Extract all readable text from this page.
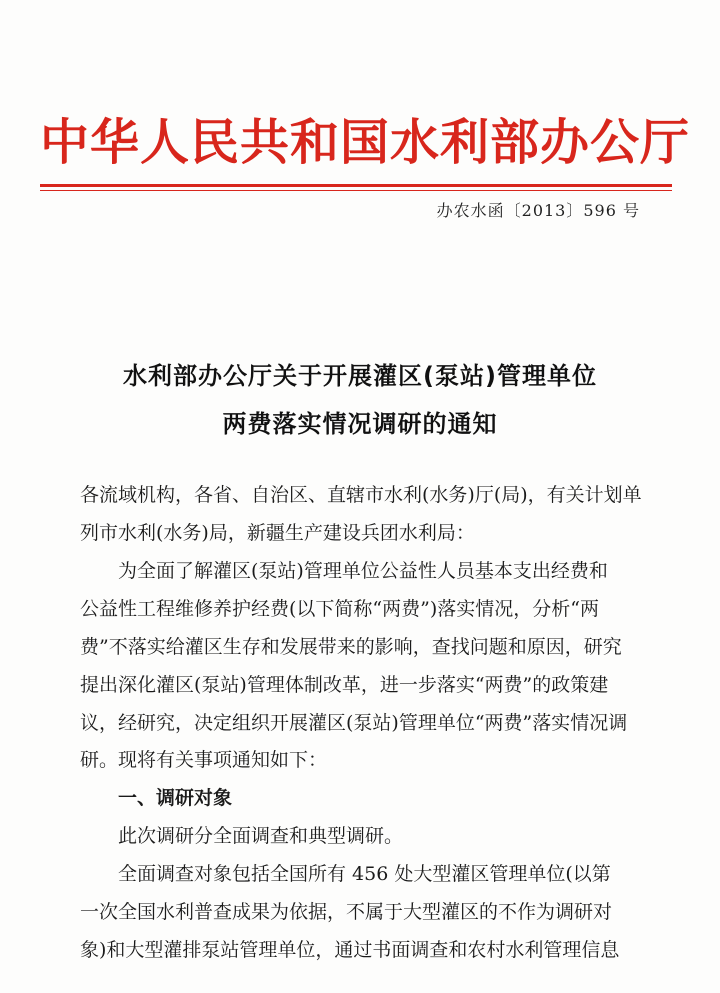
中华人民共和国水利部办公厅
办农水函〔2013〕596 号
水利部办公厅关于开展灌区(泵站)管理单位
两费落实情况调研的通知
各流域机构，各省、自治区、直辖市水利(水务)厅(局)，有关计划单
列市水利(水务)局，新疆生产建设兵团水利局：
为全面了解灌区(泵站)管理单位公益性人员基本支出经费和
公益性工程维修养护经费(以下简称“两费”)落实情况，分析“两
费”不落实给灌区生存和发展带来的影响，查找问题和原因，研究
提出深化灌区(泵站)管理体制改革，进一步落实“两费”的政策建
议，经研究，决定组织开展灌区(泵站)管理单位“两费”落实情况调
研。现将有关事项通知如下：
一、调研对象
此次调研分全面调查和典型调研。
全面调查对象包括全国所有 456 处大型灌区管理单位(以第
一次全国水利普查成果为依据，不属于大型灌区的不作为调研对
象)和大型灌排泵站管理单位，通过书面调查和农村水利管理信息
